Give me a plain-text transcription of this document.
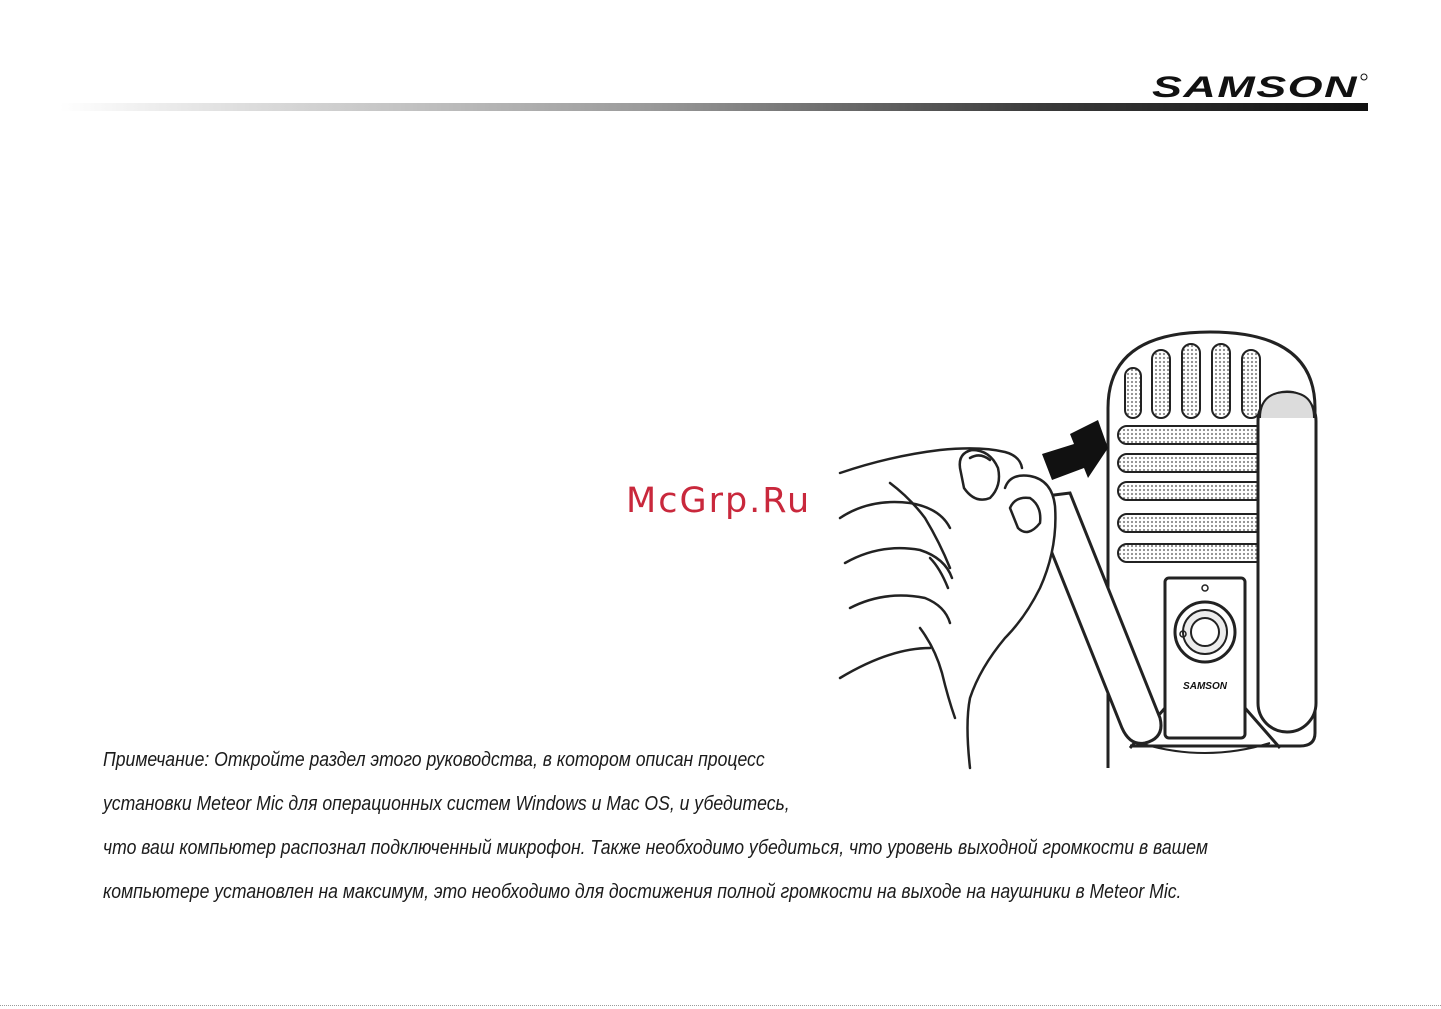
SAMSON
McGrp.Ru
SAMSON
Примечание: Откройте раздел этого руководства, в котором описан процесс
установки Meteor Mic для операционных систем Windows и Mac OS, и убедитесь,
что ваш компьютер распознал подключенный микрофон. Также необходимо убедиться, что уровень выходной громкости в вашем
компьютере установлен на максимум, это необходимо для достижения полной громкости на выходе на наушники в Meteor Mic.
